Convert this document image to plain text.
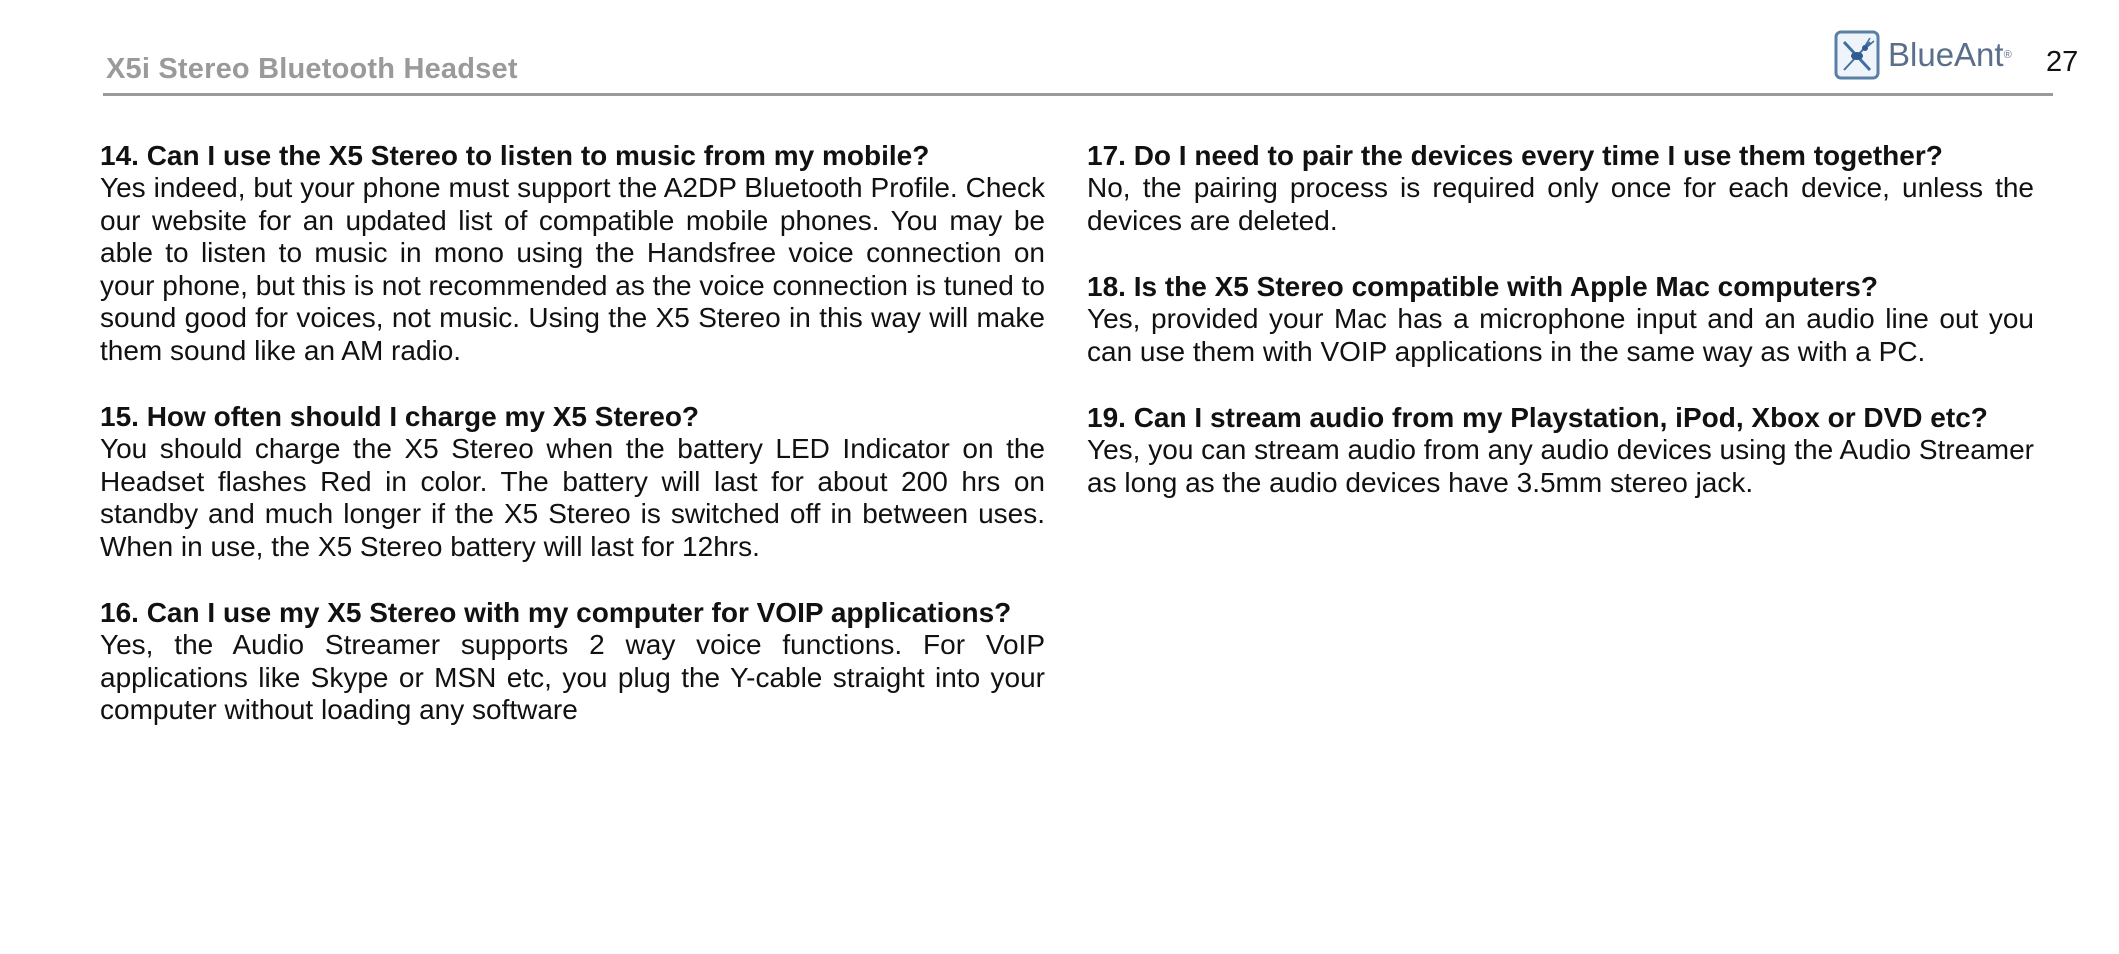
X5i Stereo Bluetooth Headset	BlueAnt ® 27

14. Can I use the X5 Stereo to listen to music from my mobile?

Yes indeed, but your phone must support the A2DP Bluetooth Profile. Check our website for an updated list of compatible mobile phones. You may be able to listen to music in mono using the Handsfree voice connection on your phone, but this is not recommended as the voice connection is tuned to sound good for voices, not music. Using the X5 Stereo in this way will make them sound like an AM radio.

15. How often should I charge my X5 Stereo?

You should charge the X5 Stereo when the battery LED Indicator on the Headset flashes Red in color. The battery will last for about 200 hrs on standby and much longer if the X5 Stereo is switched off in between uses. When in use, the X5 Stereo battery will last for 12hrs.

16. Can I use my X5 Stereo with my computer for VOIP applications?

Yes, the Audio Streamer supports 2 way voice functions. For VoIP applications like Skype or MSN etc, you plug the Y-cable straight into your computer without loading any software

17. Do I need to pair the devices every time I use them together?

No, the pairing process is required only once for each device, unless the devices are deleted.

18. Is the X5 Stereo compatible with Apple Mac computers?

Yes, provided your Mac has a microphone input and an audio line out you can use them with VOIP applications in the same way as with a PC.

19. Can I stream audio from my Playstation, iPod, Xbox or DVD etc?

Yes, you can stream audio from any audio devices using the Audio Streamer as long as the audio devices have 3.5mm stereo jack.
